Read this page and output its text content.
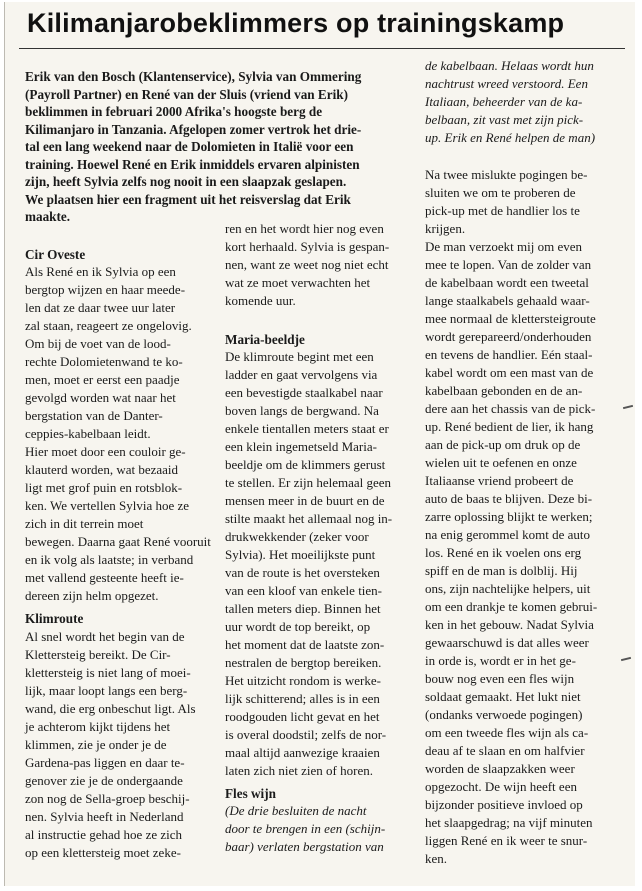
Kilimanjarobeklimmers op trainingskamp
Erik van den Bosch (Klantenservice), Sylvia van Ommering
(Payroll Partner) en René van der Sluis (vriend van Erik)
beklimmen in februari 2000 Afrika's hoogste berg de
Kilimanjaro in Tanzania. Afgelopen zomer vertrok het drie-
tal een lang weekend naar de Dolomieten in Italië voor een
training. Hoewel René en Erik inmiddels ervaren alpinisten
zijn, heeft Sylvia zelfs nog nooit in een slaapzak geslapen.
We plaatsen hier een fragment uit het reisverslag dat Erik
maakte.
Cir Oveste
Als René en ik Sylvia op een
bergtop wijzen en haar meede-
len dat ze daar twee uur later
zal staan, reageert ze ongelovig.
Om bij de voet van de lood-
rechte Dolomietenwand te ko-
men, moet er eerst een paadje
gevolgd worden wat naar het
bergstation van de Danter-
ceppies-kabelbaan leidt.
Hier moet door een couloir ge-
klauterd worden, wat bezaaid
ligt met grof puin en rotsblok-
ken. We vertellen Sylvia hoe ze
zich in dit terrein moet
bewegen. Daarna gaat René vooruit
en ik volg als laatste; in verband
met vallend gesteente heeft ie-
dereen zijn helm opgezet.
Klimroute
Al snel wordt het begin van de
Klettersteig bereikt. De Cir-
klettersteig is niet lang of moei-
lijk, maar loopt langs een berg-
wand, die erg onbeschut ligt. Als
je achterom kijkt tijdens het
klimmen, zie je onder je de
Gardena-pas liggen en daar te-
genover zie je de ondergaande
zon nog de Sella-groep beschij-
nen. Sylvia heeft in Nederland
al instructie gehad hoe ze zich
op een klettersteig moet zeke-
ren en het wordt hier nog even
kort herhaald. Sylvia is gespan-
nen, want ze weet nog niet echt
wat ze moet verwachten het
komende uur.
Maria-beeldje
De klimroute begint met een
ladder en gaat vervolgens via
een bevestigde staalkabel naar
boven langs de bergwand. Na
enkele tientallen meters staat er
een klein ingemetseld Maria-
beeldje om de klimmers gerust
te stellen. Er zijn helemaal geen
mensen meer in de buurt en de
stilte maakt het allemaal nog in-
drukwekkender (zeker voor
Sylvia). Het moeilijkste punt
van de route is het oversteken
van een kloof van enkele tien-
tallen meters diep. Binnen het
uur wordt de top bereikt, op
het moment dat de laatste zon-
nestralen de bergtop bereiken.
Het uitzicht rondom is werke-
lijk schitterend; alles is in een
roodgouden licht gevat en het
is overal doodstil; zelfs de nor-
maal altijd aanwezige kraaien
laten zich niet zien of horen.
Fles wijn
(De drie besluiten de nacht
door te brengen in een (schijn-
baar) verlaten bergstation van
de kabelbaan. Helaas wordt hun
nachtrust wreed verstoord. Een
Italiaan, beheerder van de ka-
belbaan, zit vast met zijn pick-
up. Erik en René helpen de man)
Na twee mislukte pogingen be-
sluiten we om te proberen de
pick-up met de handlier los te
krijgen.
De man verzoekt mij om even
mee te lopen. Van de zolder van
de kabelbaan wordt een tweetal
lange staalkabels gehaald waar-
mee normaal de klettersteigroute
wordt gerepareerd/onderhouden
en tevens de handlier. Eén staal-
kabel wordt om een mast van de
kabelbaan gebonden en de an-
dere aan het chassis van de pick-
up. René bedient de lier, ik hang
aan de pick-up om druk op de
wielen uit te oefenen en onze
Italiaanse vriend probeert de
auto de baas te blijven. Deze bi-
zarre oplossing blijkt te werken;
na enig gerommel komt de auto
los. René en ik voelen ons erg
spiff en de man is dolblij. Hij
ons, zijn nachtelijke helpers, uit
om een drankje te komen gebrui-
ken in het gebouw. Nadat Sylvia
gewaarschuwd is dat alles weer
in orde is, wordt er in het ge-
bouw nog even een fles wijn
soldaat gemaakt. Het lukt niet
(ondanks verwoede pogingen)
om een tweede fles wijn als ca-
deau af te slaan en om halfvier
worden de slaapzakken weer
opgezocht. De wijn heeft een
bijzonder positieve invloed op
het slaapgedrag; na vijf minuten
liggen René en ik weer te snur-
ken.
